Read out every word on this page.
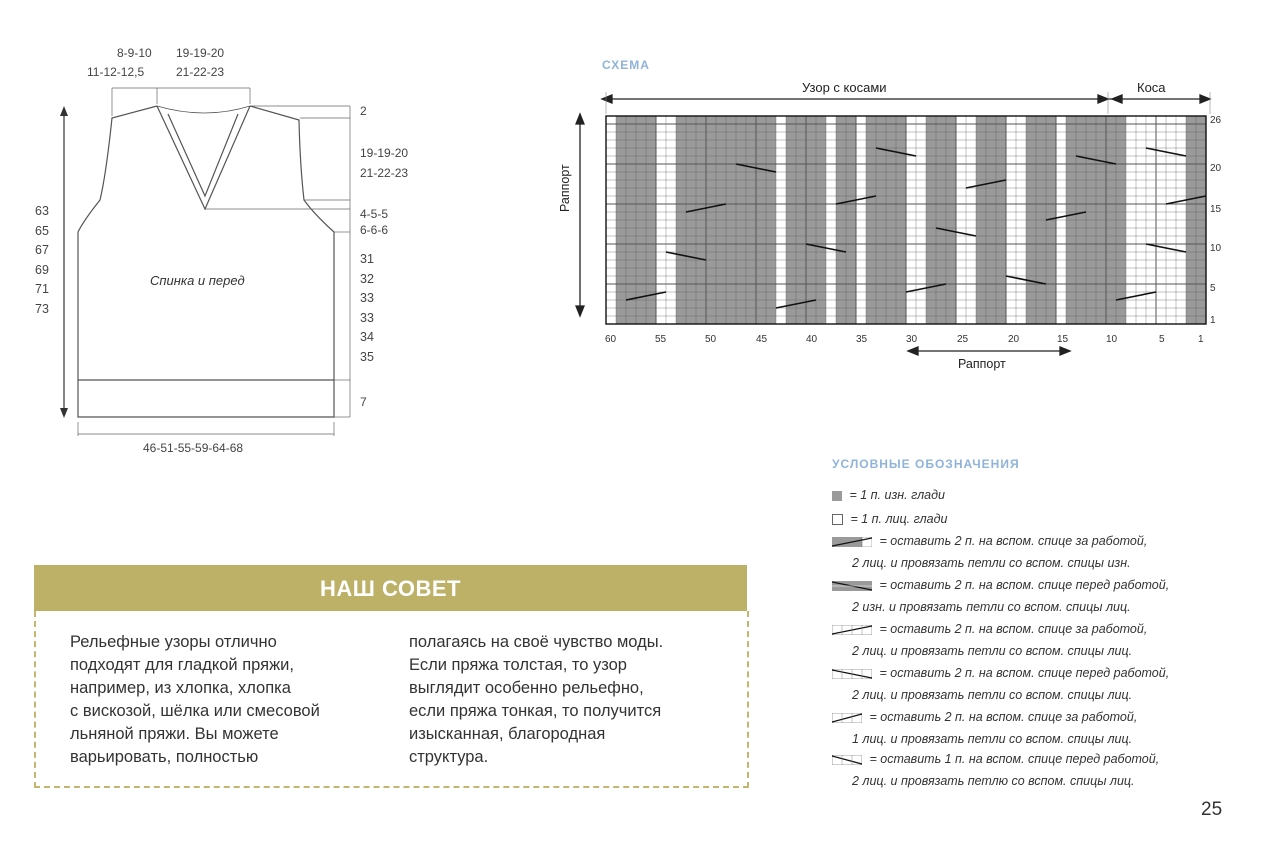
8-9-10
11-12-12,5
19-19-20
21-22-23
63
65
67
69
71
73
2
19-19-20
21-22-23
4-5-5
6-6-6
31
32
33
33
34
35
7
46-51-55-59-64-68
Спинка и перед
СХЕМА
Узор с косами	Коса
Раппорт
Раппорт
26
20
15
10
5
1
60	55	50	45	40	35	30	25	20	15	10	5	1
УСЛОВНЫЕ ОБОЗНАЧЕНИЯ
= 1 п. изн. глади
= 1 п. лиц. глади
= оставить 2 п. на вспом. спице за работой,
2 лиц. и провязать петли со вспом. спицы изн.
= оставить 2 п. на вспом. спице перед работой,
2 изн. и провязать петли со вспом. спицы лиц.
= оставить 2 п. на вспом. спице за работой,
2 лиц. и провязать петли со вспом. спицы лиц.
= оставить 2 п. на вспом. спице перед работой,
2 лиц. и провязать петли со вспом. спицы лиц.
= оставить 2 п. на вспом. спице за работой,
1 лиц. и провязать петли со вспом. спицы лиц.
= оставить 1 п. на вспом. спице перед работой,
2 лиц. и провязать петлю со вспом. спицы лиц.
НАШ СОВЕТ
Рельефные узоры отлично
подходят для гладкой пряжи,
например, из хлопка, хлопка
с вискозой, шёлка или смесовой
льняной пряжи. Вы можете
варьировать, полностью
полагаясь на своё чувство моды.
Если пряжа толстая, то узор
выглядит особенно рельефно,
если пряжа тонкая, то получится
изысканная, благородная
структура.
25
